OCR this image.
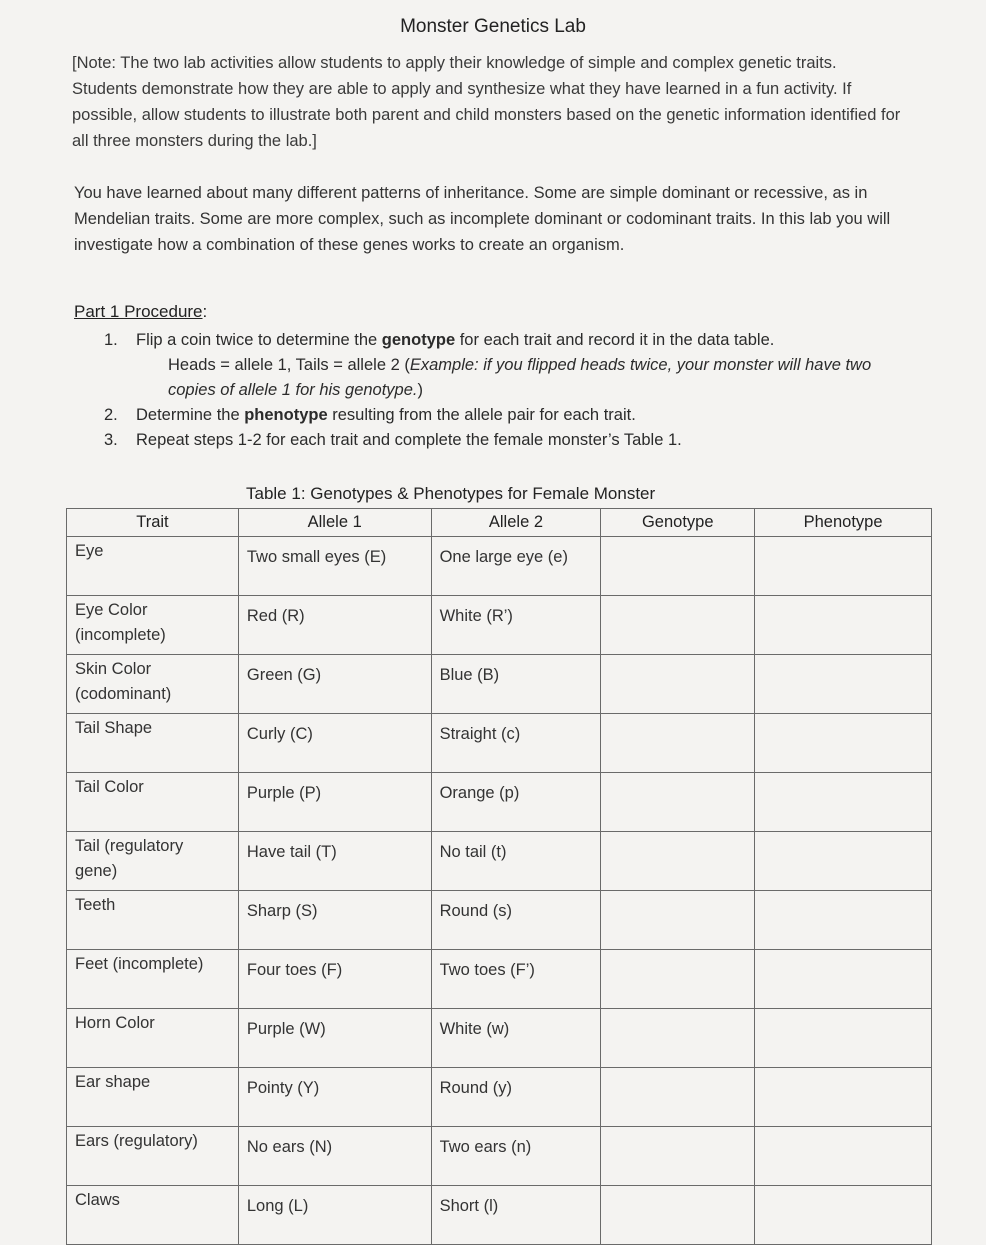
Monster Genetics Lab
[Note: The two lab activities allow students to apply their knowledge of simple and complex genetic traits. Students demonstrate how they are able to apply and synthesize what they have learned in a fun activity. If possible, allow students to illustrate both parent and child monsters based on the genetic information identified for all three monsters during the lab.]
You have learned about many different patterns of inheritance. Some are simple dominant or recessive, as in Mendelian traits. Some are more complex, such as incomplete dominant or codominant traits. In this lab you will investigate how a combination of these genes works to create an organism.
Part 1 Procedure:
1.	Flip a coin twice to determine the genotype for each trait and record it in the data table.
Heads = allele 1, Tails = allele 2 (Example: if you flipped heads twice, your monster will have two copies of allele 1 for his genotype.)
2.	Determine the phenotype resulting from the allele pair for each trait.
3.	Repeat steps 1-2 for each trait and complete the female monster’s Table 1.
Table 1: Genotypes & Phenotypes for Female Monster
Trait	Allele 1	Allele 2	Genotype	Phenotype
Eye	Two small eyes (E)	One large eye (e)		
Eye Color (incomplete)	Red (R)	White (R’)		
Skin Color (codominant)	Green (G)	Blue (B)		
Tail Shape	Curly (C)	Straight (c)		
Tail Color	Purple (P)	Orange (p)		
Tail (regulatory gene)	Have tail (T)	No tail (t)		
Teeth	Sharp (S)	Round (s)		
Feet (incomplete)	Four toes (F)	Two toes (F’)		
Horn Color	Purple (W)	White (w)		
Ear shape	Pointy (Y)	Round (y)		
Ears (regulatory)	No ears (N)	Two ears (n)		
Claws	Long (L)	Short (l)		
